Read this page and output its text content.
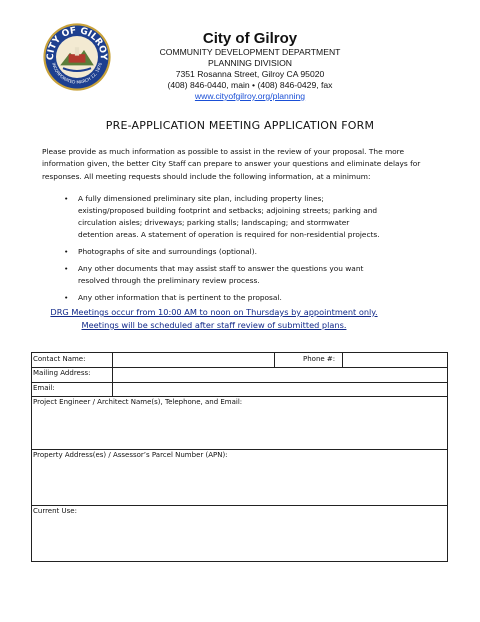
CITY OF GILROY
INCORPORATED MARCH 12, 1870
City of Gilroy
COMMUNITY DEVELOPMENT DEPARTMENT
PLANNING DIVISION
7351 Rosanna Street, Gilroy CA 95020
(408) 846-0440, main • (408) 846-0429, fax
www.cityofgilroy.org/planning
PRE-APPLICATION MEETING APPLICATION FORM
Please provide as much information as possible to assist in the review of your proposal. The more information given, the better City Staff can prepare to answer your questions and eliminate delays for responses. All meeting requests should include the following information, at a minimum:
• A fully dimensioned preliminary site plan, including property lines; existing/proposed building footprint and setbacks; adjoining streets; parking and circulation aisles; driveways; parking stalls; landscaping; and stormwater detention areas. A statement of operation is required for non-residential projects.
• Photographs of site and surroundings (optional).
• Any other documents that may assist staff to answer the questions you want resolved through the preliminary review process.
• Any other information that is pertinent to the proposal.
DRG Meetings occur from 10:00 AM to noon on Thursdays by appointment only.
Meetings will be scheduled after staff review of submitted plans.
Contact Name:	Phone #:
Mailing Address:
Email:
Project Engineer / Architect Name(s), Telephone, and Email:
Property Address(es) / Assessor’s Parcel Number (APN):
Current Use:
